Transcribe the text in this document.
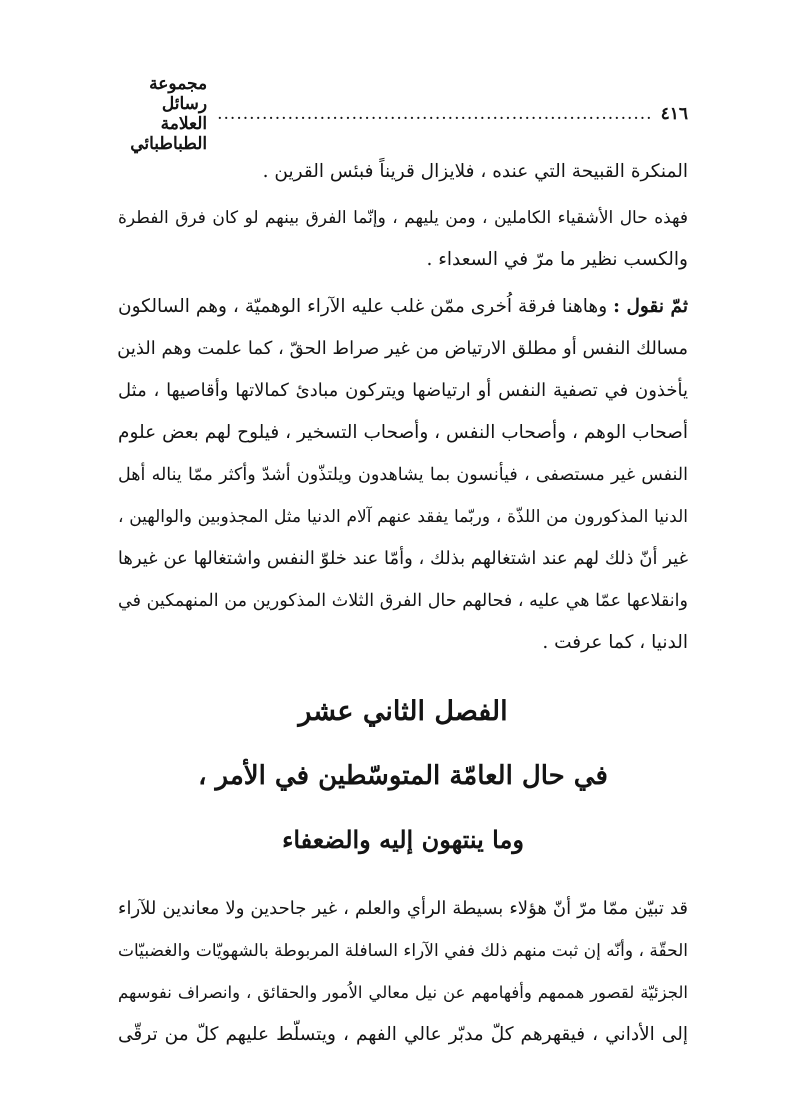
٤١٦
....................................................................
مجموعة رسائل العلامة الطباطبائي
المنكرة القبيحة التي عنده ، فلايزال قريناً فبئس القرين .
فهذه حال الأشقياء الكاملين ، ومن يليهم ، وإنّما الفرق بينهم لو كان فرق الفطرة
والكسب نظير ما مرّ في السعداء .
ثمّ نقول : وهاهنا فرقة اُخرى ممّن غلب عليه الآراء الوهميّة ، وهم السالكون
مسالك النفس أو مطلق الارتياض من غير صراط الحقّ ، كما علمت وهم الذين
يأخذون في تصفية النفس أو ارتياضها ويتركون مبادئ كمالاتها وأقاصيها ، مثل
أصحاب الوهم ، وأصحاب النفس ، وأصحاب التسخير ، فيلوح لهم بعض علوم
النفس غير مستصفى ، فيأنسون بما يشاهدون ويلتذّون أشدّ وأكثر ممّا يناله أهل
الدنيا المذكورون من اللذّة ، وربّما يفقد عنهم آلام الدنيا مثل المجذوبين والوالهين ،
غير أنّ ذلك لهم عند اشتغالهم بذلك ، وأمّا عند خلوّ النفس واشتغالها عن غيرها
وانقلاعها عمّا هي عليه ، فحالهم حال الفرق الثلاث المذكورين من المنهمكين في
الدنيا ، كما عرفت .
الفصل الثاني عشر
في حال العامّة المتوسّطين في الأمر ،
وما ينتهون إليه والضعفاء
قد تبيّن ممّا مرّ أنّ هؤلاء بسيطة الرأي والعلم ، غير جاحدين ولا معاندين للآراء
الحقّة ، وأنّه إن ثبت منهم ذلك ففي الآراء السافلة المربوطة بالشهويّات والغضبيّات
الجزئيّة لقصور هممهم وأفهامهم عن نيل معالي الاُمور والحقائق ، وانصراف نفوسهم
إلى الأداني ، فيقهرهم كلّ مدبّر عالي الفهم ، ويتسلّط عليهم كلّ من ترقّى
